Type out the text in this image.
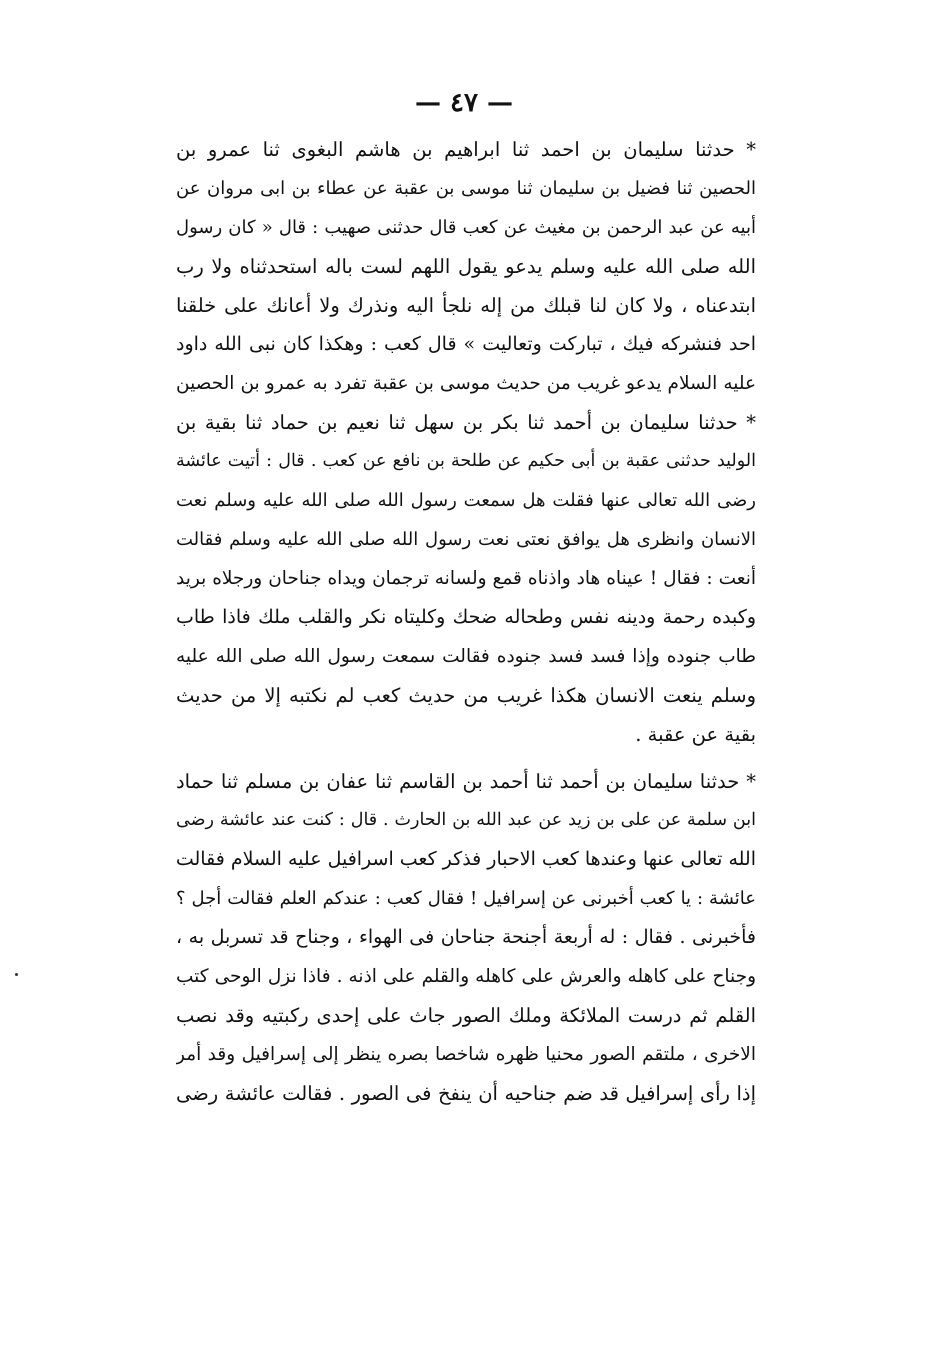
— ٤٧ —
* حدثنا سليمان بن احمد ثنا ابراهيم بن هاشم البغوى ثنا عمرو بن
الحصين ثنا فضيل بن سليمان ثنا موسى بن عقبة عن عطاء بن ابى مروان عن
أبيه عن عبد الرحمن بن مغيث عن كعب قال حدثنى صهيب : قال « كان رسول
الله صلى الله عليه وسلم يدعو يقول اللهم لست باله استحدثناه ولا رب
ابتدعناه ، ولا كان لنا قبلك من إله نلجأ اليه ونذرك ولا أعانك على خلقنا
احد فنشركه فيك ، تباركت وتعاليت » قال كعب : وهكذا كان نبى الله داود
عليه السلام يدعو غريب من حديث موسى بن عقبة تفرد به عمرو بن الحصين
* حدثنا سليمان بن أحمد ثنا بكر بن سهل ثنا نعيم بن حماد ثنا بقية بن
الوليد حدثنى عقبة بن أبى حكيم عن طلحة بن نافع عن كعب . قال : أتيت عائشة
رضى الله تعالى عنها فقلت هل سمعت رسول الله صلى الله عليه وسلم نعت
الانسان وانظرى هل يوافق نعتى نعت رسول الله صلى الله عليه وسلم فقالت
أنعت : فقال ! عيناه هاد واذناه قمع ولسانه ترجمان ويداه جناحان ورجلاه بريد
وكبده رحمة ودينه نفس وطحاله ضحك وكليتاه نكر والقلب ملك فاذا طاب
طاب جنوده وإذا فسد فسد جنوده فقالت سمعت رسول الله صلى الله عليه
وسلم ينعت الانسان هكذا غريب من حديث كعب لم نكتبه إلا من حديث
بقية عن عقبة .
* حدثنا سليمان بن أحمد ثنا أحمد بن القاسم ثنا عفان بن مسلم ثنا حماد
ابن سلمة عن على بن زيد عن عبد الله بن الحارث . قال : كنت عند عائشة رضى
الله تعالى عنها وعندها كعب الاحبار فذكر كعب اسرافيل عليه السلام فقالت
عائشة : يا كعب أخبرنى عن إسرافيل ! فقال كعب : عندكم العلم فقالت أجل ؟
فأخبرنى . فقال : له أربعة أجنحة جناحان فى الهواء ، وجناح قد تسربل به ،
وجناح على كاهله والعرش على كاهله والقلم على اذنه . فاذا نزل الوحى كتب
القلم ثم درست الملائكة وملك الصور جاث على إحدى ركبتيه وقد نصب
الاخرى ، ملتقم الصور محنيا ظهره شاخصا بصره ينظر إلى إسرافيل وقد أمر
إذا رأى إسرافيل قد ضم جناحيه أن ينفخ فى الصور . فقالت عائشة رضى
